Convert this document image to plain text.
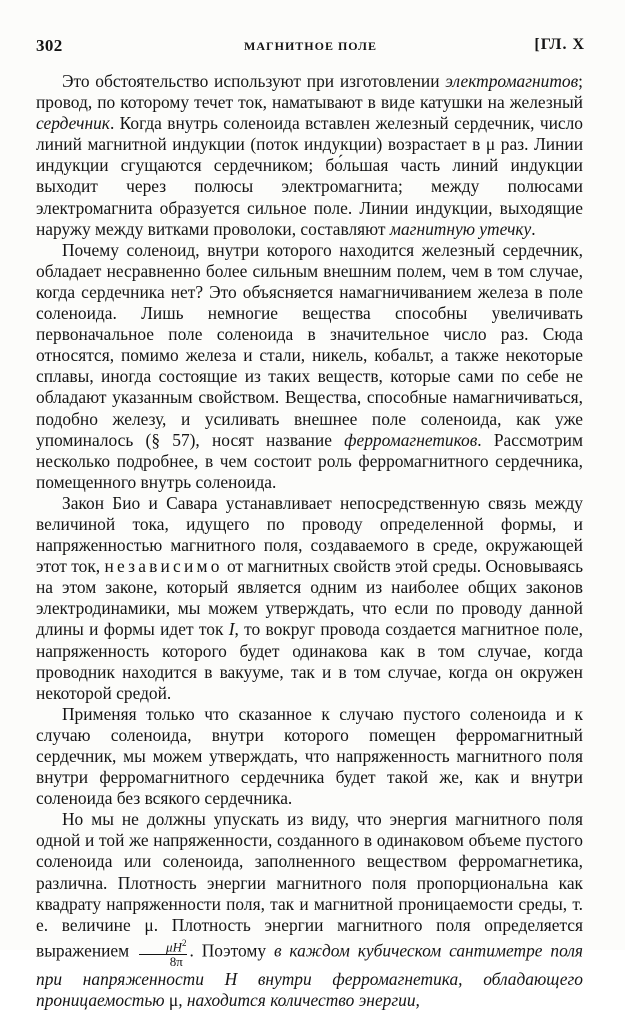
302	МАГНИТНОЕ ПОЛЕ	[ГЛ. X

Это обстоятельство используют при изготовлении электромагнитов; провод, по которому течет ток, наматывают в виде катушки на железный сердечник. Когда внутрь соленоида вставлен железный сердечник, число линий магнитной индукции (поток индукции) возрастает в μ раз. Линии индукции сгущаются сердечником; бо́льшая часть линий индукции выходит через полюсы электромагнита; между полюсами электромагнита образуется сильное поле. Линии индукции, выходящие наружу между витками проволоки, составляют магнитную утечку.

Почему соленоид, внутри которого находится железный сердечник, обладает несравненно более сильным внешним полем, чем в том случае, когда сердечника нет? Это объясняется намагничиванием железа в поле соленоида. Лишь немногие вещества способны увеличивать первоначальное поле соленоида в значительное число раз. Сюда относятся, помимо железа и стали, никель, кобальт, а также некоторые сплавы, иногда состоящие из таких веществ, которые сами по себе не обладают указанным свойством. Вещества, способные намагничиваться, подобно железу, и усиливать внешнее поле соленоида, как уже упоминалось (§ 57), носят название ферромагнетиков. Рассмотрим несколько подробнее, в чем состоит роль ферромагнитного сердечника, помещенного внутрь соленоида.

Закон Био и Савара устанавливает непосредственную связь между величиной тока, идущего по проводу определенной формы, и напряженностью магнитного поля, создаваемого в среде, окружающей этот ток, независимо от магнитных свойств этой среды. Основываясь на этом законе, который является одним из наиболее общих законов электродинамики, мы можем утверждать, что если по проводу данной длины и формы идет ток I, то вокруг провода создается магнитное поле, напряженность которого будет одинакова как в том случае, когда проводник находится в вакууме, так и в том случае, когда он окружен некоторой средой.

Применяя только что сказанное к случаю пустого соленоида и к случаю соленоида, внутри которого помещен ферромагнитный сердечник, мы можем утверждать, что напряженность магнитного поля внутри ферромагнитного сердечника будет такой же, как и внутри соленоида без всякого сердечника.

Но мы не должны упускать из виду, что энергия магнитного поля одной и той же напряженности, созданного в одинаковом объеме пустого соленоида или соленоида, заполненного веществом ферромагнетика, различна. Плотность энергии магнитного поля пропорциональна как квадрату напряженности поля, так и магнитной проницаемости среды, т. е. величине μ. Плотность энергии магнитного поля определяется выражением $\frac{\mu H^2}{8\pi}$ . Поэтому в каждом кубическом сантиметре поля при напряженности H внутри ферромагнетика, обладающего проницаемостью μ, находится количество энергии,
